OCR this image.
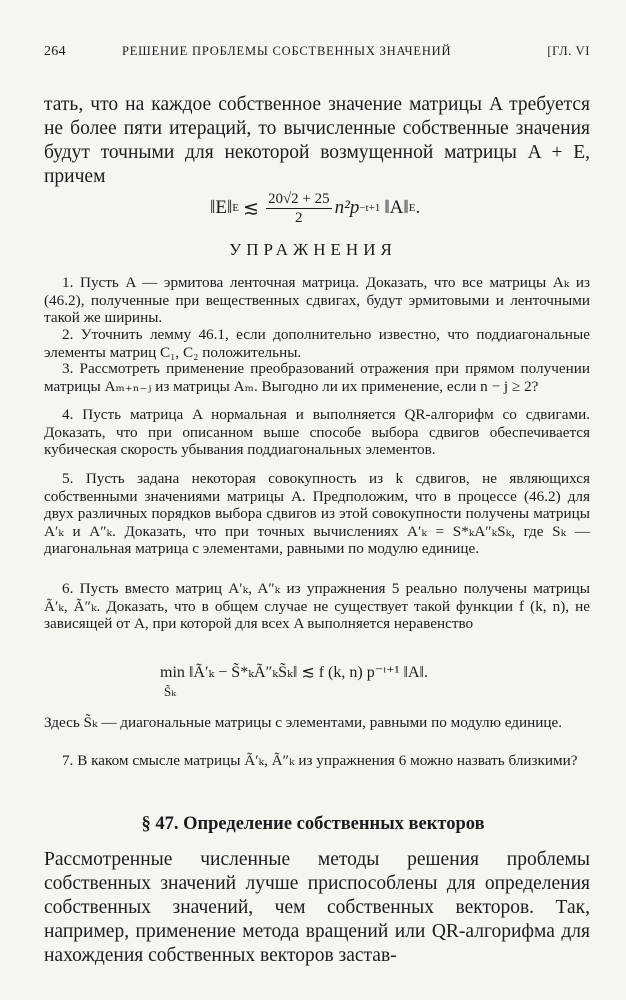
264	РЕШЕНИЕ ПРОБЛЕМЫ СОБСТВЕННЫХ ЗНАЧЕНИЙ	[ГЛ. VI
тать, что на каждое собственное значение матрицы A требуется не более пяти итераций, то вычисленные собственные значения будут точными для некоторой возмущенной матрицы A + E, причем
‖E‖ E ≲ $\frac{20√2 + 25}{2} n^2p -t+1$ ‖A‖ E .
УПРАЖНЕНИЯ
1. Пусть A — эрмитова ленточная матрица. Доказать, что все матрицы Aₖ из (46.2), полученные при вещественных сдвигах, будут эрмитовыми и ленточными такой же ширины.
2. Уточнить лемму 46.1, если дополнительно известно, что поддиагональные элементы матриц C₁, C₂ положительны.
3. Рассмотреть применение преобразований отражения при прямом получении матрицы Aₘ₊ₙ₋ⱼ из матрицы Aₘ. Выгодно ли их применение, если n − j ≥ 2?
4. Пусть матрица A нормальная и выполняется QR-алгорифм со сдвигами. Доказать, что при описанном выше способе выбора сдвигов обеспечивается кубическая скорость убывания поддиагональных элементов.
5. Пусть задана некоторая совокупность из k сдвигов, не являющихся собственными значениями матрицы A. Предположим, что в процессе (46.2) для двух различных порядков выбора сдвигов из этой совокупности получены матрицы A′ₖ и A″ₖ. Доказать, что при точных вычислениях A′ₖ = S*ₖA″ₖSₖ, где Sₖ — диагональная матрица с элементами, равными по модулю единице.
6. Пусть вместо матриц A′ₖ, A″ₖ из упражнения 5 реально получены матрицы Ã′ₖ, Ã″ₖ. Доказать, что в общем случае не существует такой функции f (k, n), не зависящей от A, при которой для всех A выполняется неравенство
min ‖Ã′ₖ − S̃*ₖÃ″ₖS̃ₖ‖ ≲ f (k, n) p⁻ᵗ⁺¹ ‖A‖.
S̃ₖ
Здесь S̃ₖ — диагональные матрицы с элементами, равными по модулю единице.
7. В каком смысле матрицы Ã′ₖ, Ã″ₖ из упражнения 6 можно назвать близкими?
§ 47. Определение собственных векторов
Рассмотренные численные методы решения проблемы собственных значений лучше приспособлены для определения собственных значений, чем собственных векторов. Так, например, применение метода вращений или QR-алгорифма для нахождения собственных векторов застав-
